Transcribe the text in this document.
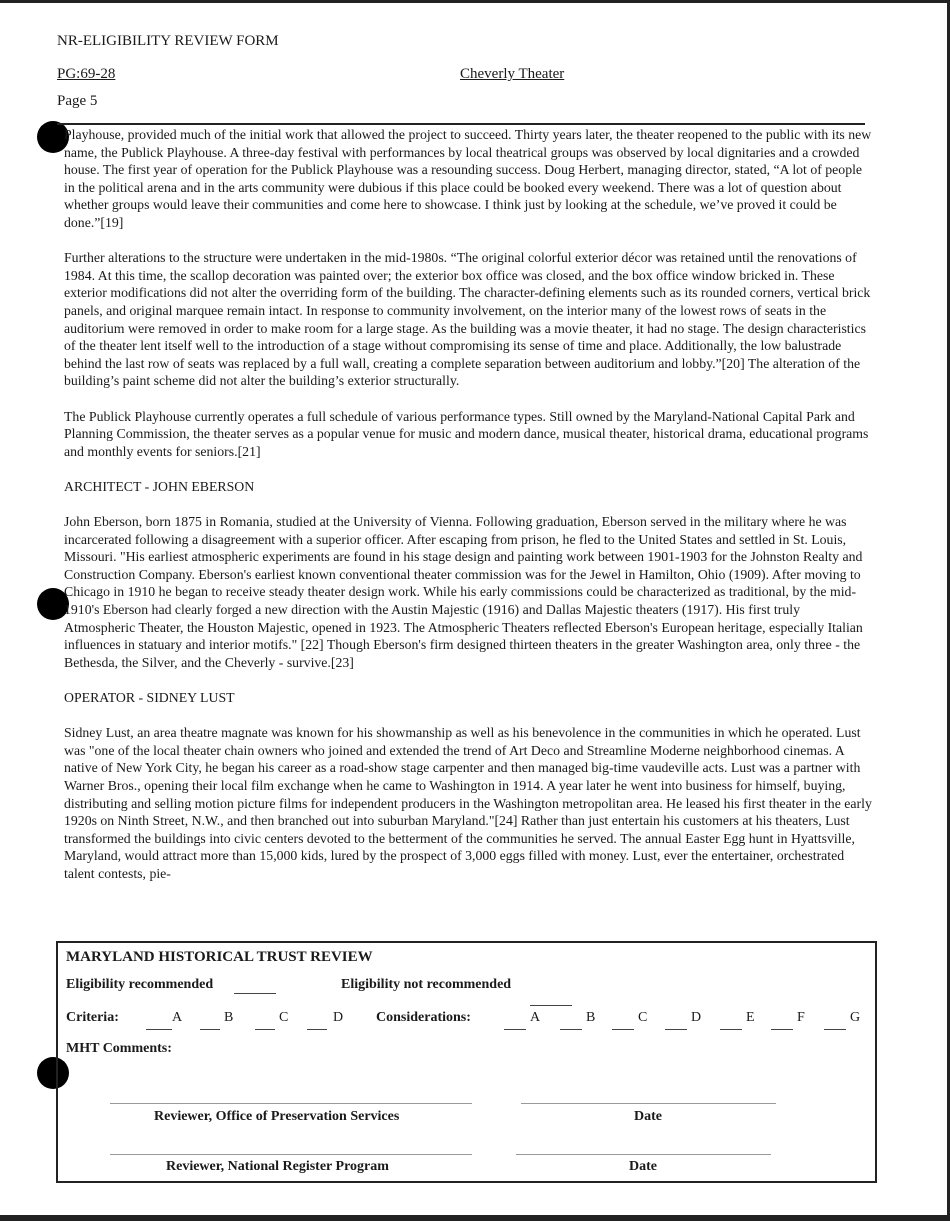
NR-ELIGIBILITY REVIEW FORM
PG:69-28	Cheverly Theater
Page 5

Playhouse, provided much of the initial work that allowed the project to succeed. Thirty years later, the theater reopened to the public with its new name, the Publick Playhouse. A three-day festival with performances by local theatrical groups was observed by local dignitaries and a crowded house. The first year of operation for the Publick Playhouse was a resounding success. Doug Herbert, managing director, stated, “A lot of people in the political arena and in the arts community were dubious if this place could be booked every weekend. There was a lot of question about whether groups would leave their communities and come here to showcase. I think just by looking at the schedule, we’ve proved it could be done.”[19]

Further alterations to the structure were undertaken in the mid-1980s. “The original colorful exterior décor was retained until the renovations of 1984. At this time, the scallop decoration was painted over; the exterior box office was closed, and the box office window bricked in. These exterior modifications did not alter the overriding form of the building. The character-defining elements such as its rounded corners, vertical brick panels, and original marquee remain intact. In response to community involvement, on the interior many of the lowest rows of seats in the auditorium were removed in order to make room for a large stage. As the building was a movie theater, it had no stage. The design characteristics of the theater lent itself well to the introduction of a stage without compromising its sense of time and place. Additionally, the low balustrade behind the last row of seats was replaced by a full wall, creating a complete separation between auditorium and lobby.”[20] The alteration of the building’s paint scheme did not alter the building’s exterior structurally.

The Publick Playhouse currently operates a full schedule of various performance types. Still owned by the Maryland-National Capital Park and Planning Commission, the theater serves as a popular venue for music and modern dance, musical theater, historical drama, educational programs and monthly events for seniors.[21]

ARCHITECT - JOHN EBERSON

John Eberson, born 1875 in Romania, studied at the University of Vienna. Following graduation, Eberson served in the military where he was incarcerated following a disagreement with a superior officer. After escaping from prison, he fled to the United States and settled in St. Louis, Missouri. "His earliest atmospheric experiments are found in his stage design and painting work between 1901-1903 for the Johnston Realty and Construction Company. Eberson's earliest known conventional theater commission was for the Jewel in Hamilton, Ohio (1909). After moving to Chicago in 1910 he began to receive steady theater design work. While his early commissions could be characterized as traditional, by the mid-1910's Eberson had clearly forged a new direction with the Austin Majestic (1916) and Dallas Majestic theaters (1917). His first truly Atmospheric Theater, the Houston Majestic, opened in 1923. The Atmospheric Theaters reflected Eberson's European heritage, especially Italian influences in statuary and interior motifs." [22] Though Eberson's firm designed thirteen theaters in the greater Washington area, only three - the Bethesda, the Silver, and the Cheverly - survive.[23]

OPERATOR - SIDNEY LUST

Sidney Lust, an area theatre magnate was known for his showmanship as well as his benevolence in the communities in which he operated. Lust was "one of the local theater chain owners who joined and extended the trend of Art Deco and Streamline Moderne neighborhood cinemas. A native of New York City, he began his career as a road-show stage carpenter and then managed big-time vaudeville acts. Lust was a partner with Warner Bros., opening their local film exchange when he came to Washington in 1914. A year later he went into business for himself, buying, distributing and selling motion picture films for independent producers in the Washington metropolitan area. He leased his first theater in the early 1920s on Ninth Street, N.W., and then branched out into suburban Maryland."[24] Rather than just entertain his customers at his theaters, Lust transformed the buildings into civic centers devoted to the betterment of the communities he served. The annual Easter Egg hunt in Hyattsville, Maryland, would attract more than 15,000 kids, lured by the prospect of 3,000 eggs filled with money. Lust, ever the entertainer, orchestrated talent contests, pie-

MARYLAND HISTORICAL TRUST REVIEW
Eligibility recommended	Eligibility not recommended
Criteria:	A	B	C	D Considerations:	A	B	C	D	E	F	G
MHT Comments:
Reviewer, Office of Preservation Services	Date
Reviewer, National Register Program	Date
